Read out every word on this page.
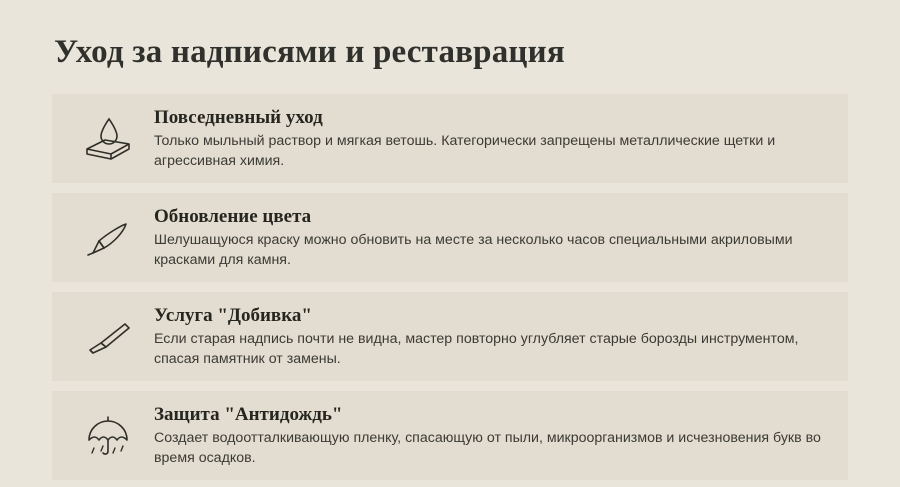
Уход за надписями и реставрация
Повседневный уход

Только мыльный раствор и мягкая ветошь. Категорически запрещены металлические щетки и агрессивная химия.

Обновление цвета

Шелушащуюся краску можно обновить на месте за несколько часов специальными акриловыми красками для камня.

Услуга "Добивка"

Если старая надпись почти не видна, мастер повторно углубляет старые борозды инструментом, спасая памятник от замены.

Защита "Антидождь"

Создает водоотталкивающую пленку, спасающую от пыли, микроорганизмов и исчезновения букв во время осадков.
